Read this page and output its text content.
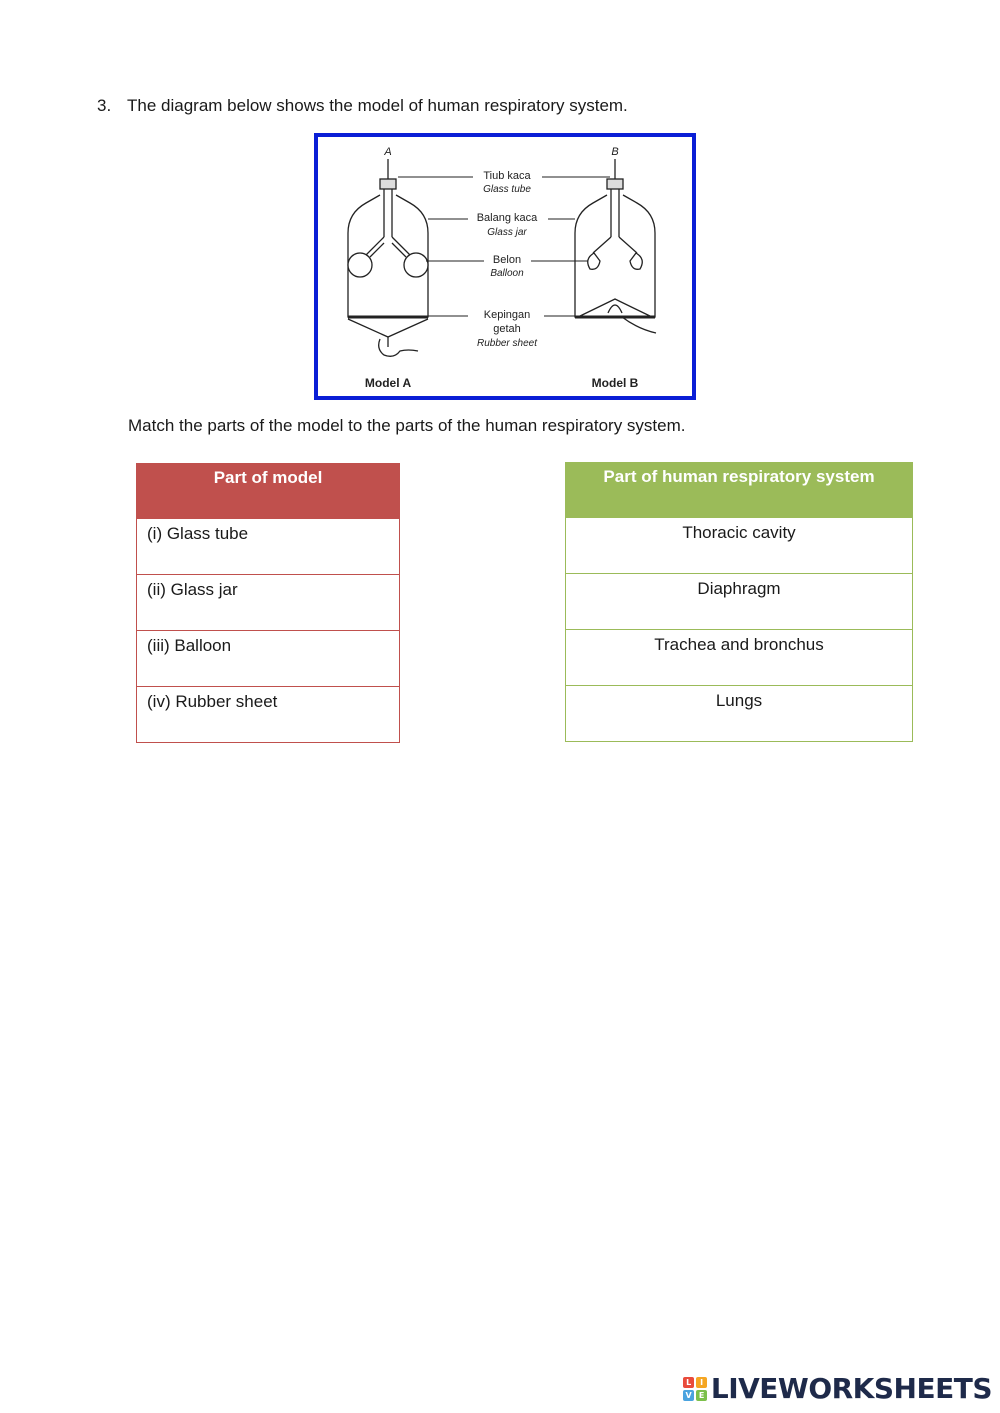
3. The diagram below shows the model of human respiratory system.
A
Model A
B
Model B
Tiub kaca
Glass tube
Balang kaca
Glass jar
Belon
Balloon
Kepingan
getah
Rubber sheet
Match the parts of the model to the parts of the human respiratory system.
Part of model
(i) Glass tube
(ii) Glass jar
(iii) Balloon
(iv) Rubber sheet
Part of human respiratory system
Thoracic cavity
Diaphragm
Trachea and bronchus
Lungs
L	I
V E LIVEWORKSHEETS
